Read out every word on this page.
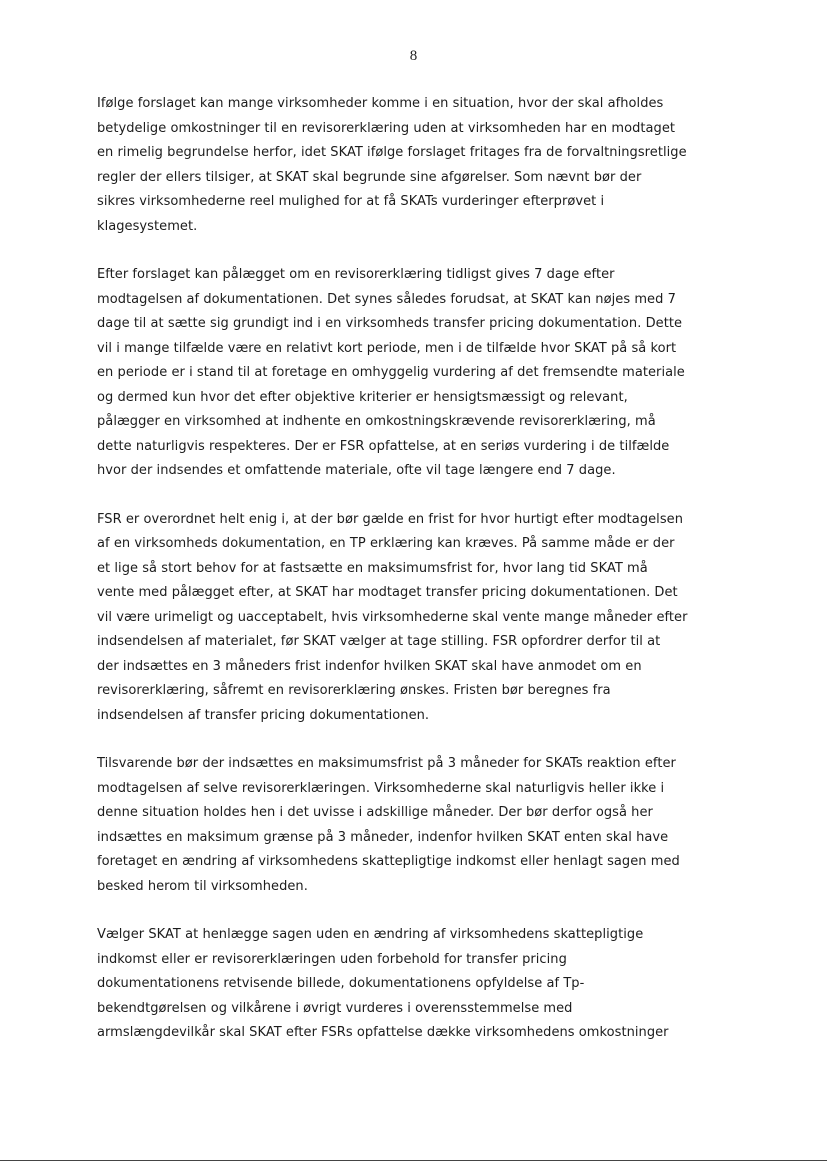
8
Ifølge forslaget kan mange virksomheder komme i en situation, hvor der skal afholdes
betydelige omkostninger til en revisorerklæring uden at virksomheden har en modtaget
en rimelig begrundelse herfor, idet SKAT ifølge forslaget fritages fra de forvaltningsretlige
regler der ellers tilsiger, at SKAT skal begrunde sine afgørelser. Som nævnt bør der
sikres virksomhederne reel mulighed for at få SKATs vurderinger efterprøvet i
klagesystemet.
Efter forslaget kan pålægget om en revisorerklæring tidligst gives 7 dage efter
modtagelsen af dokumentationen. Det synes således forudsat, at SKAT kan nøjes med 7
dage til at sætte sig grundigt ind i en virksomheds transfer pricing dokumentation. Dette
vil i mange tilfælde være en relativt kort periode, men i de tilfælde hvor SKAT på så kort
en periode er i stand til at foretage en omhyggelig vurdering af det fremsendte materiale
og dermed kun hvor det efter objektive kriterier er hensigtsmæssigt og relevant,
pålægger en virksomhed at indhente en omkostningskrævende revisorerklæring, må
dette naturligvis respekteres. Der er FSR opfattelse, at en seriøs vurdering i de tilfælde
hvor der indsendes et omfattende materiale, ofte vil tage længere end 7 dage.
FSR er overordnet helt enig i, at der bør gælde en frist for hvor hurtigt efter modtagelsen
af en virksomheds dokumentation, en TP erklæring kan kræves. På samme måde er der
et lige så stort behov for at fastsætte en maksimumsfrist for, hvor lang tid SKAT må
vente med pålægget efter, at SKAT har modtaget transfer pricing dokumentationen. Det
vil være urimeligt og uacceptabelt, hvis virksomhederne skal vente mange måneder efter
indsendelsen af materialet, før SKAT vælger at tage stilling. FSR opfordrer derfor til at
der indsættes en 3 måneders frist indenfor hvilken SKAT skal have anmodet om en
revisorerklæring, såfremt en revisorerklæring ønskes. Fristen bør beregnes fra
indsendelsen af transfer pricing dokumentationen.
Tilsvarende bør der indsættes en maksimumsfrist på 3 måneder for SKATs reaktion efter
modtagelsen af selve revisorerklæringen. Virksomhederne skal naturligvis heller ikke i
denne situation holdes hen i det uvisse i adskillige måneder. Der bør derfor også her
indsættes en maksimum grænse på 3 måneder, indenfor hvilken SKAT enten skal have
foretaget en ændring af virksomhedens skattepligtige indkomst eller henlagt sagen med
besked herom til virksomheden.
Vælger SKAT at henlægge sagen uden en ændring af virksomhedens skattepligtige
indkomst eller er revisorerklæringen uden forbehold for transfer pricing
dokumentationens retvisende billede, dokumentationens opfyldelse af Tp-
bekendtgørelsen og vilkårene i øvrigt vurderes i overensstemmelse med
armslængdevilkår skal SKAT efter FSRs opfattelse dække virksomhedens omkostninger
